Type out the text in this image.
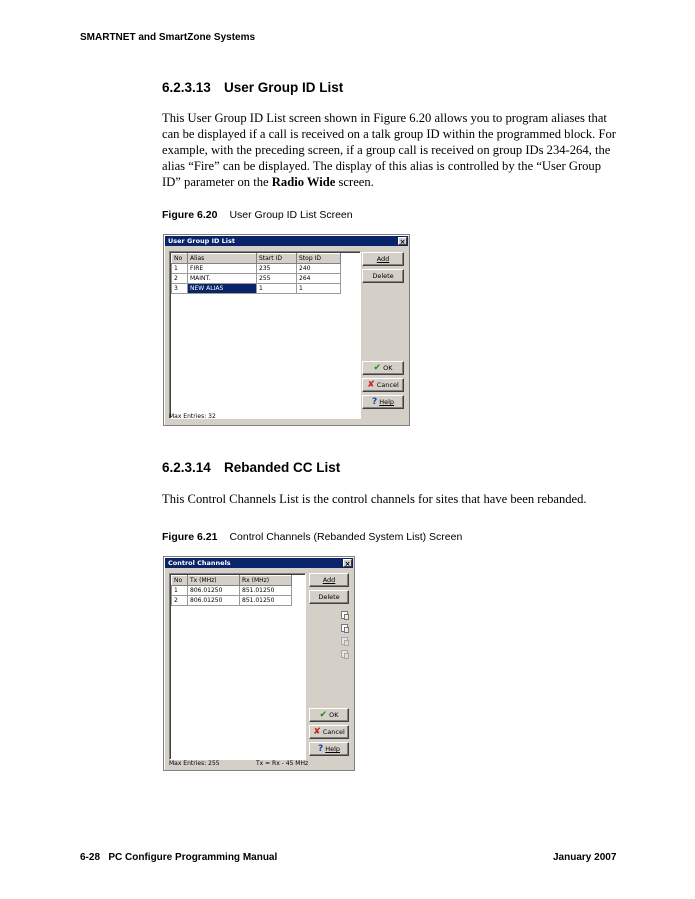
SMARTNET and SmartZone Systems
6.2.3.13 User Group ID List
This User Group ID List screen shown in Figure 6.20 allows you to program aliases that
can be displayed if a call is received on a talk group ID within the programmed block. For
example, with the preceding screen, if a group call is received on group IDs 234-264, the
alias “Fire” can be displayed. The display of this alias is controlled by the “User Group
ID” parameter on the Radio Wide screen.
Figure 6.20 User Group ID List Screen
User Group ID List	×
No	Alias	Start ID	Stop ID
1	FIRE	235	240
2	MAINT.	255	264
3	NEW ALIAS	1	1
Add
Delete
✔ OK
✘ Cancel
? Help
Max Entries: 32
6.2.3.14 Rebanded CC List
This Control Channels List is the control channels for sites that have been rebanded.
Figure 6.21 Control Channels (Rebanded System List) Screen
Control Channels	×
No	Tx (MHz)	Rx (MHz)
1	806.01250	851.01250
2	806.01250	851.01250
Add
Delete
✔ OK
✘ Cancel
? Help
Max Entries: 255	Tx = Rx - 45 MHz
6-28 PC Configure Programming Manual	January 2007
